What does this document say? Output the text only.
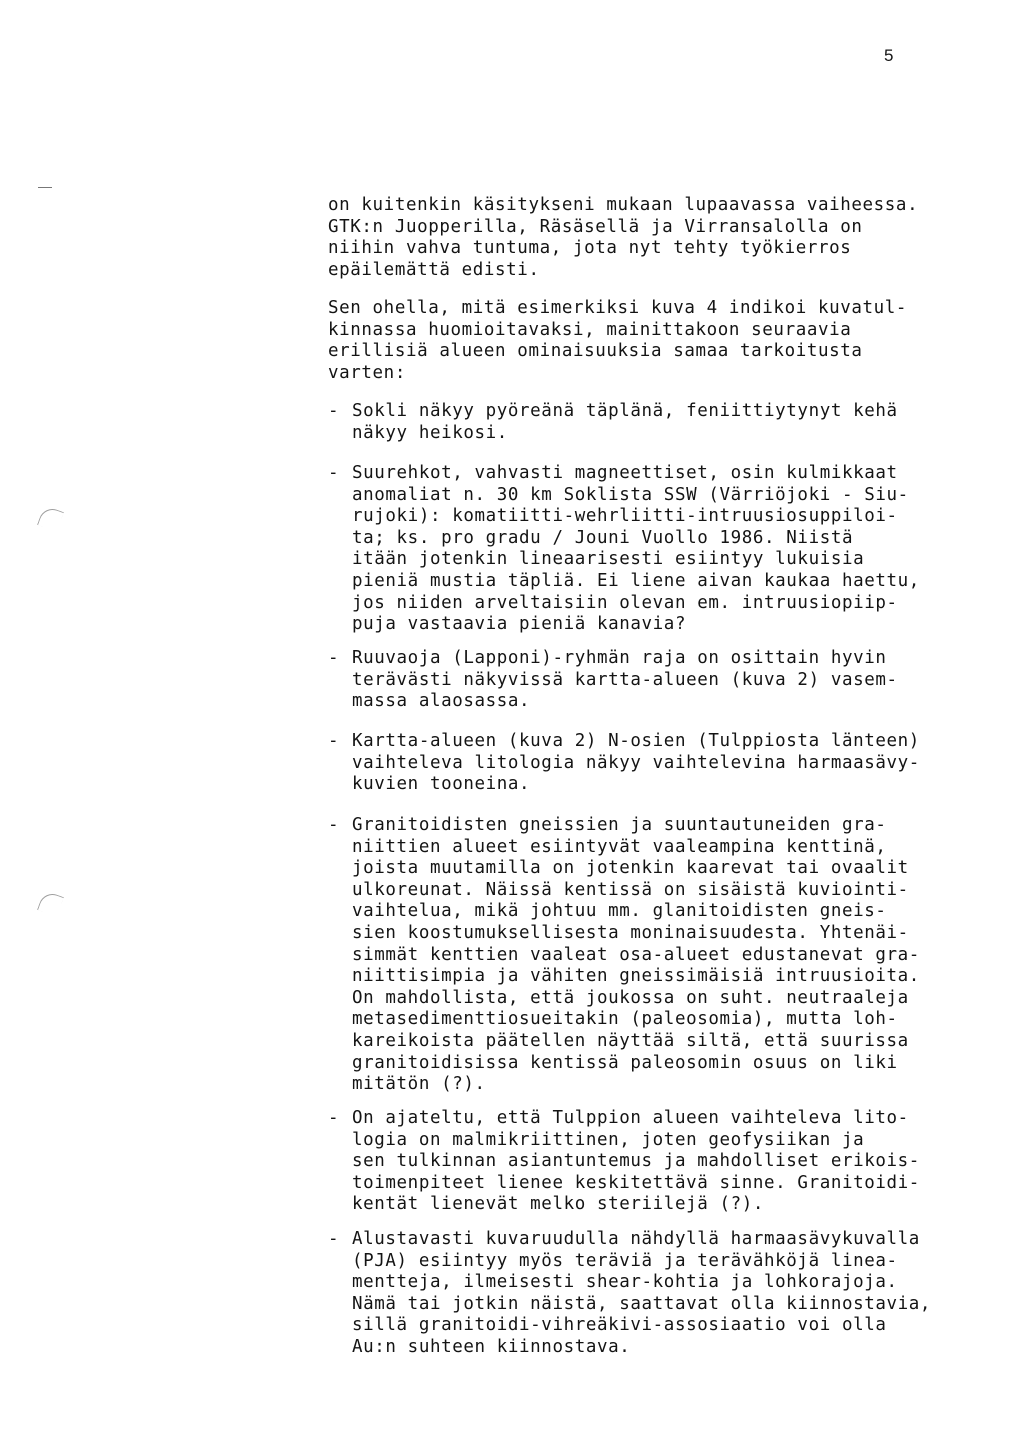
5
on kuitenkin käsitykseni mukaan lupaavassa vaiheessa.
GTK:n Juopperilla, Räsäsellä ja Virransalolla on
niihin vahva tuntuma, jota nyt tehty työkierros
epäilemättä edisti.
Sen ohella, mitä esimerkiksi kuva 4 indikoi kuvatul-
kinnassa huomioitavaksi, mainittakoon seuraavia
erillisiä alueen ominaisuuksia samaa tarkoitusta
varten:
- Sokli näkyy pyöreänä täplänä, feniittiytynyt kehä
näkyy heikosi.
- Suurehkot, vahvasti magneettiset, osin kulmikkaat
anomaliat n. 30 km Soklista SSW (Värriöjoki - Siu-
rujoki): komatiitti-wehrliitti-intruusiosuppiloi-
ta; ks. pro gradu / Jouni Vuollo 1986. Niistä
itään jotenkin lineaarisesti esiintyy lukuisia
pieniä mustia täpliä. Ei liene aivan kaukaa haettu,
jos niiden arveltaisiin olevan em. intruusiopiip-
puja vastaavia pieniä kanavia?
- Ruuvaoja (Lapponi)-ryhmän raja on osittain hyvin
terävästi näkyvissä kartta-alueen (kuva 2) vasem-
massa alaosassa.
- Kartta-alueen (kuva 2) N-osien (Tulppiosta länteen)
vaihteleva litologia näkyy vaihtelevina harmaasävy-
kuvien tooneina.
- Granitoidisten gneissien ja suuntautuneiden gra-
niittien alueet esiintyvät vaaleampina kenttinä,
joista muutamilla on jotenkin kaarevat tai ovaalit
ulkoreunat. Näissä kentissä on sisäistä kuviointi-
vaihtelua, mikä johtuu mm. glanitoidisten gneis-
sien koostumuksellisesta moninaisuudesta. Yhtenäi-
simmät kenttien vaaleat osa-alueet edustanevat gra-
niittisimpia ja vähiten gneissimäisiä intruusioita.
On mahdollista, että joukossa on suht. neutraaleja
metasedimenttiosueitakin (paleosomia), mutta loh-
kareikoista päätellen näyttää siltä, että suurissa
granitoidisissa kentissä paleosomin osuus on liki
mitätön (?).
- On ajateltu, että Tulppion alueen vaihteleva lito-
logia on malmikriittinen, joten geofysiikan ja
sen tulkinnan asiantuntemus ja mahdolliset erikois-
toimenpiteet lienee keskitettävä sinne. Granitoidi-
kentät lienevät melko steriilejä (?).
- Alustavasti kuvaruudulla nähdyllä harmaasävykuvalla
(PJA) esiintyy myös teräviä ja terävähköjä linea-
mentteja, ilmeisesti shear-kohtia ja lohkorajoja.
Nämä tai jotkin näistä, saattavat olla kiinnostavia,
sillä granitoidi-vihreäkivi-assosiaatio voi olla
Au:n suhteen kiinnostava.
